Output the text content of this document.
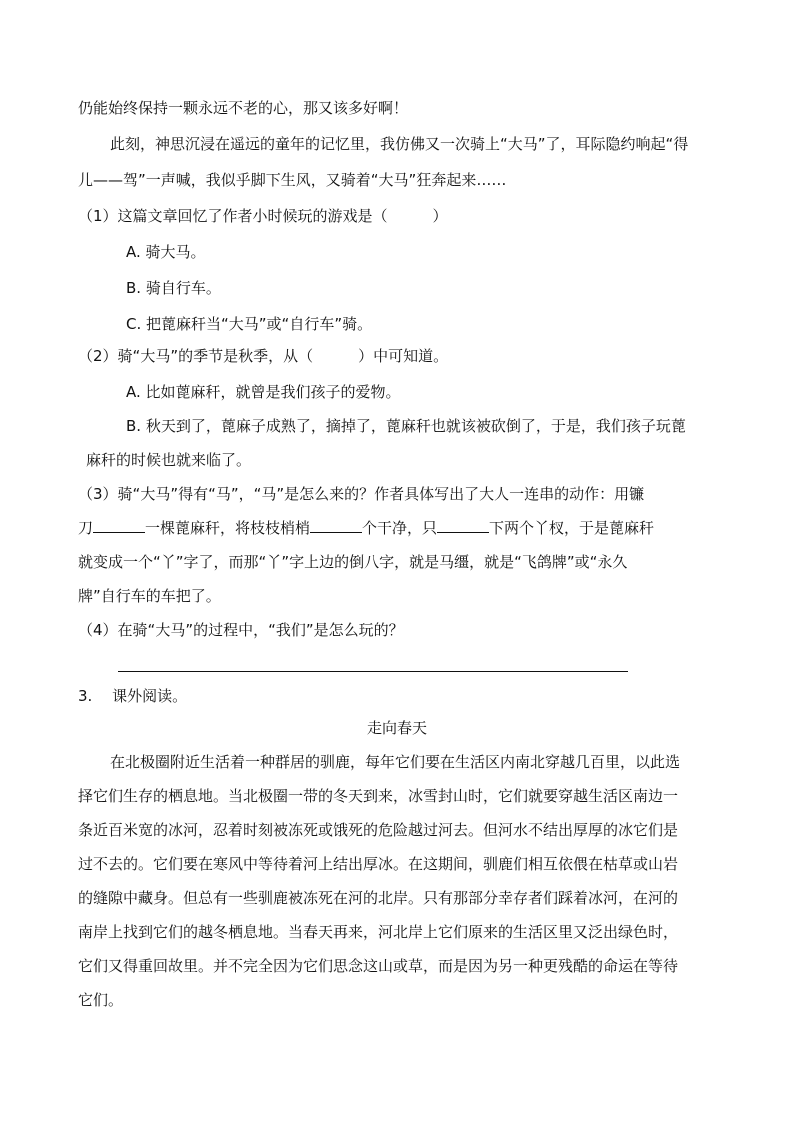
仍能始终保持一颗永远不老的心，那又该多好啊！
此刻，神思沉浸在遥远的童年的记忆里，我仿佛又一次骑上“大马”了，耳际隐约响起“得
儿——驾”一声喊，我似乎脚下生风，又骑着“大马”狂奔起来……
（1）这篇文章回忆了作者小时候玩的游戏是（　　　）
A. 骑大马。
B. 骑自行车。
C. 把蓖麻秆当“大马”或“自行车”骑。
（2）骑“大马”的季节是秋季，从（　　　）中可知道。
A. 比如蓖麻秆，就曾是我们孩子的爱物。
B. 秋天到了，蓖麻子成熟了，摘掉了，蓖麻秆也就该被砍倒了，于是，我们孩子玩蓖
麻秆的时候也就来临了。
（3）骑“大马”得有“马”，“马”是怎么来的？作者具体写出了大人一连串的动作：用镰
刀	一棵蓖麻秆，将枝枝梢梢	个干净，只	下两个丫杈，于是蓖麻秆
就变成一个“丫”字了，而那“丫”字上边的倒八字，就是马缰，就是“飞鸽牌”或“永久
牌”自行车的车把了。
（4）在骑“大马”的过程中，“我们”是怎么玩的？
3.　 课外阅读。
走向春天
在北极圈附近生活着一种群居的驯鹿，每年它们要在生活区内南北穿越几百里，以此选
择它们生存的栖息地。当北极圈一带的冬天到来，冰雪封山时，它们就要穿越生活区南边一
条近百米宽的冰河，忍着时刻被冻死或饿死的危险越过河去。但河水不结出厚厚的冰它们是
过不去的。它们要在寒风中等待着河上结出厚冰。在这期间，驯鹿们相互依偎在枯草或山岩
的缝隙中藏身。但总有一些驯鹿被冻死在河的北岸。只有那部分幸存者们踩着冰河，在河的
南岸上找到它们的越冬栖息地。当春天再来，河北岸上它们原来的生活区里又泛出绿色时，
它们又得重回故里。并不完全因为它们思念这山或草，而是因为另一种更残酷的命运在等待
它们。
